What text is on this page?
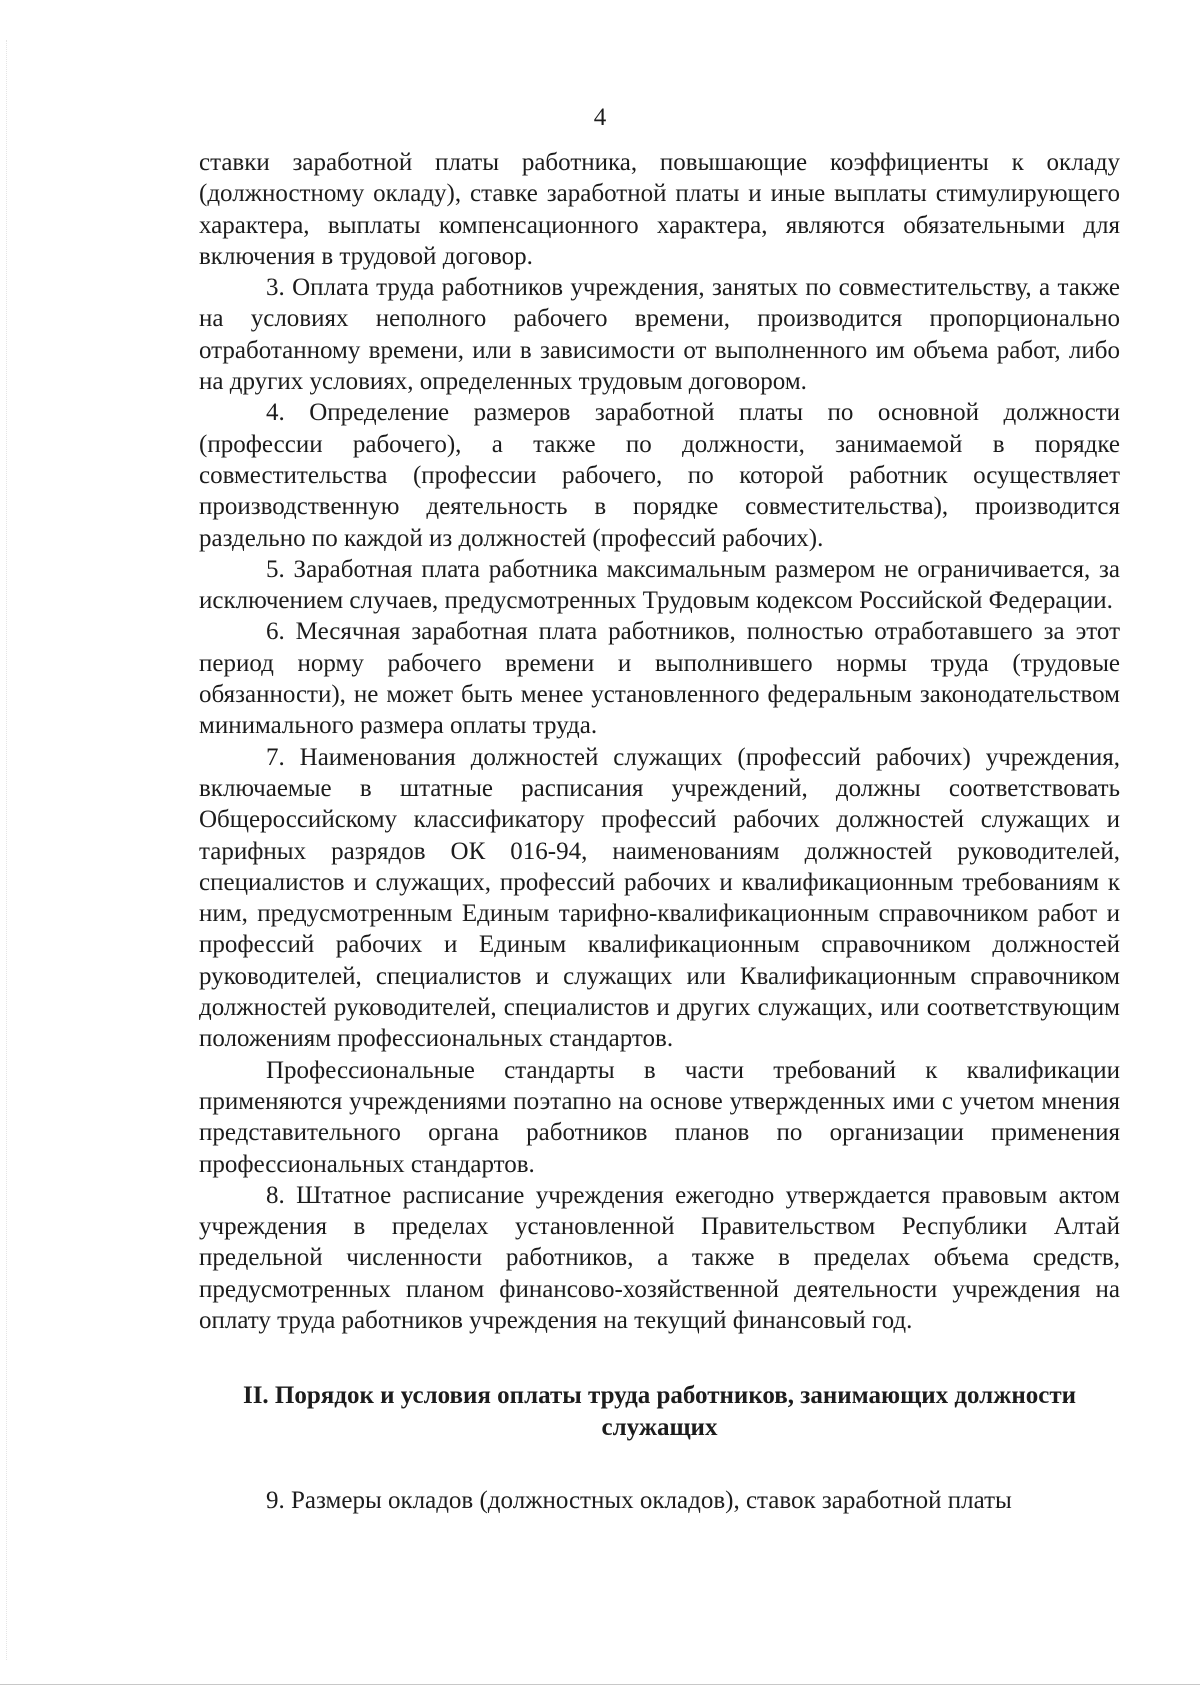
4

ставки заработной платы работника, повышающие коэффициенты к окладу (должностному окладу), ставке заработной платы и иные выплаты стимулирующего характера, выплаты компенсационного характера, являются обязательными для включения в трудовой договор.

3. Оплата труда работников учреждения, занятых по совместительству, а также на условиях неполного рабочего времени, производится пропорционально отработанному времени, или в зависимости от выполненного им объема работ, либо на других условиях, определенных трудовым договором.

4. Определение размеров заработной платы по основной должности (профессии рабочего), а также по должности, занимаемой в порядке совместительства (профессии рабочего, по которой работник осуществляет производственную деятельность в порядке совместительства), производится раздельно по каждой из должностей (профессий рабочих).

5. Заработная плата работника максимальным размером не ограничивается, за исключением случаев, предусмотренных Трудовым кодексом Российской Федерации.

6. Месячная заработная плата работников, полностью отработавшего за этот период норму рабочего времени и выполнившего нормы труда (трудовые обязанности), не может быть менее установленного федеральным законодательством минимального размера оплаты труда.

7. Наименования должностей служащих (профессий рабочих) учреждения, включаемые в штатные расписания учреждений, должны соответствовать Общероссийскому классификатору профессий рабочих должностей служащих и тарифных разрядов ОК 016-94, наименованиям должностей руководителей, специалистов и служащих, профессий рабочих и квалификационным требованиям к ним, предусмотренным Единым тарифно-квалификационным справочником работ и профессий рабочих и Единым квалификационным справочником должностей руководителей, специалистов и служащих или Квалификационным справочником должностей руководителей, специалистов и других служащих, или соответствующим положениям профессиональных стандартов.

Профессиональные стандарты в части требований к квалификации применяются учреждениями поэтапно на основе утвержденных ими с учетом мнения представительного органа работников планов по организации применения профессиональных стандартов.

8. Штатное расписание учреждения ежегодно утверждается правовым актом учреждения в пределах установленной Правительством Республики Алтай предельной численности работников, а также в пределах объема средств, предусмотренных планом финансово-хозяйственной деятельности учреждения на оплату труда работников учреждения на текущий финансовый год.

II. Порядок и условия оплаты труда работников, занимающих должности служащих

9. Размеры окладов (должностных окладов), ставок заработной платы
